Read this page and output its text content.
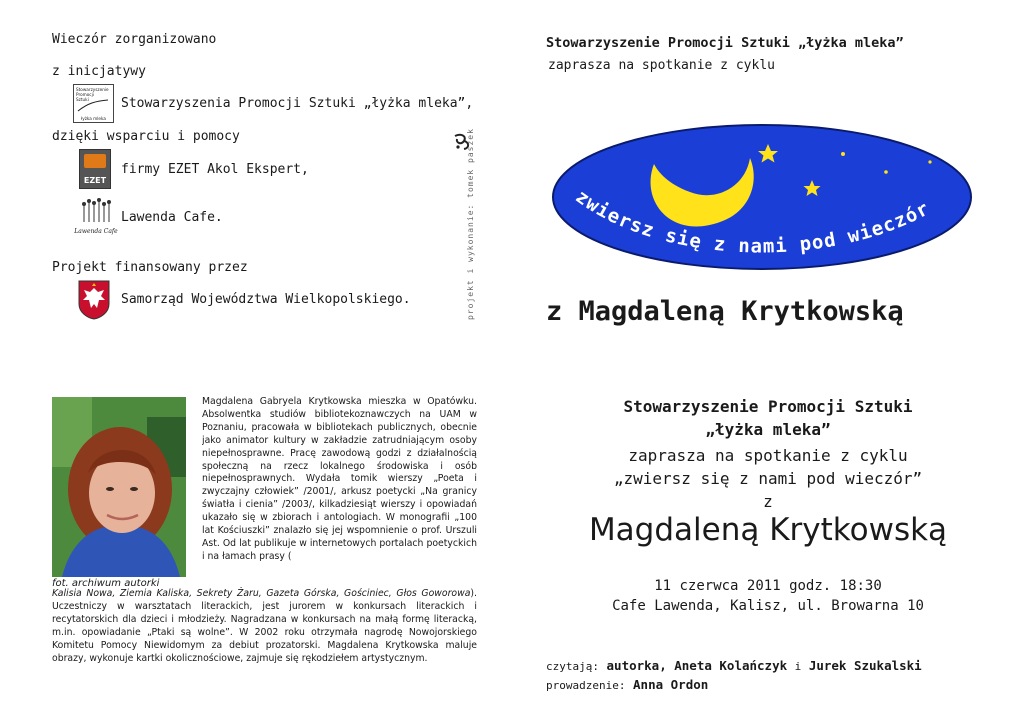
Wieczór zorganizowano
z inicjatywy
Stowarzyszenie
Promocji
Sztuki
łyżka mleka
Stowarzyszenia Promocji Sztuki „łyżka mleka”,
dzięki wsparciu i pomocy
EZET
firmy EZET Akol Ekspert,
Lawenda Cafe
Lawenda Cafe.
Projekt finansowany przez
Samorząd Województwa Wielkopolskiego.	projekt i wykonanie: tomek paszek
fot. archiwum autorki

Magdalena Gabryela Krytkowska mieszka w Opatówku. Absolwentka studiów bibliotekoznawczych na UAM w Poznaniu, pracowała w bibliotekach publicznych, obecnie jako animator kultury w zakładzie zatrudniającym osoby niepełnosprawne. Pracę zawodową godzi z działalnością społeczną na rzecz lokalnego środowiska i osób niepełnosprawnych. Wydała tomik wierszy „Poeta i zwyczajny człowiek” /2001/, arkusz poetycki „Na granicy światła i cienia” /2003/, kilkadziesiąt wierszy i opowiadań ukazało się w zbiorach i antologiach. W monografii „100 lat Kościuszki” znalazło się jej wspomnienie o prof. Urszuli Ast. Od lat publikuje w internetowych portalach poetyckich i na łamach prasy (

Kalisia Nowa, Ziemia Kaliska, Sekrety Żaru, Gazeta Górska, Gościniec, Głos Goworowa). Uczestniczy w warsztatach literackich, jest jurorem w konkursach literackich i recytatorskich dla dzieci i młodzieży. Nagradzana w konkursach na małą formę literacką, m.in. opowiadanie „Ptaki są wolne”. W 2002 roku otrzymała nagrodę Nowojorskiego Komitetu Pomocy Niewidomym za debiut prozatorski. Magdalena Krytkowska maluje obrazy, wykonuje kartki okolicznościowe, zajmuje się rękodziełem artystycznym.

Stowarzyszenie Promocji Sztuki „łyżka mleka”
zaprasza na spotkanie z cyklu
zwiersz się z nami pod wieczór
z Magdaleną Krytkowską
Stowarzyszenie Promocji Sztuki
„łyżka mleka”
zaprasza na spotkanie z cyklu
„zwiersz się z nami pod wieczór”
z
Magdaleną Krytkowską
11 czerwca 2011 godz. 18:30
Cafe Lawenda, Kalisz, ul. Browarna 10
czytają: autorka, Aneta Kolańczyk i Jurek Szukalski
prowadzenie: Anna Ordon
